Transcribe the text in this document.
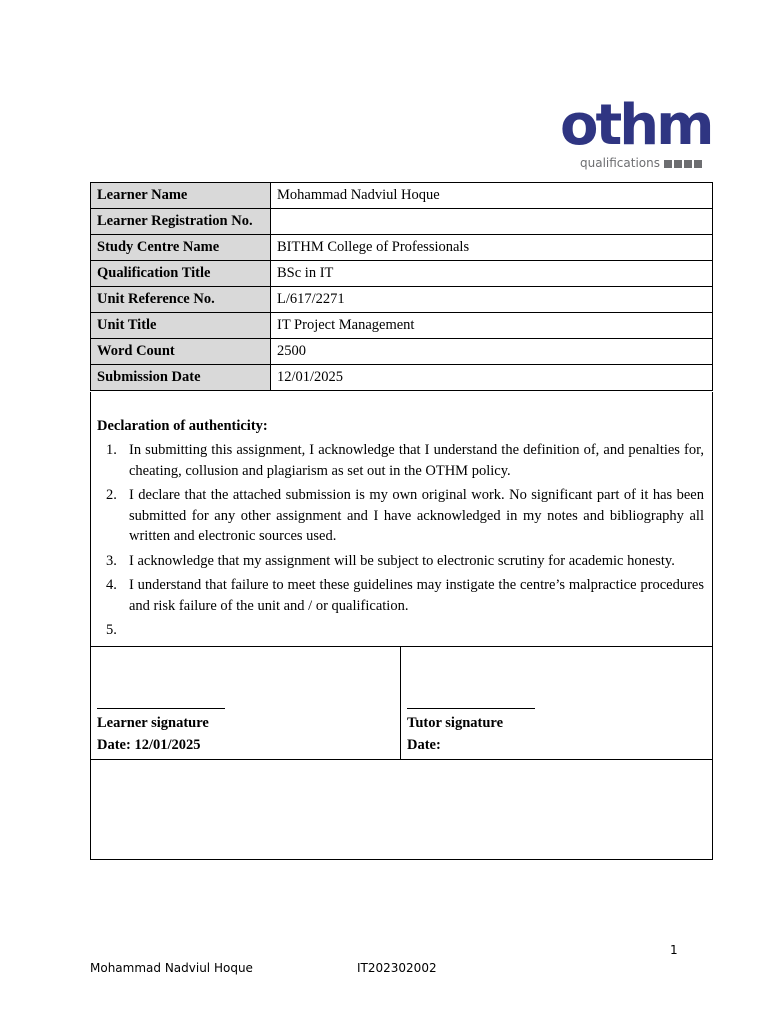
othm
qualifications
Learner Name	Mohammad Nadviul Hoque
Learner Registration No.	
Study Centre Name	BITHM College of Professionals
Qualification Title	BSc in IT
Unit Reference No.	L/617/2271
Unit Title	IT Project Management
Word Count	2500
Submission Date	12/01/2025
Declaration of authenticity:
1. In submitting this assignment, I acknowledge that I understand the definition of, and penalties for, cheating, collusion and plagiarism as set out in the OTHM policy.
2. I declare that the attached submission is my own original work. No significant part of it has been submitted for any other assignment and I have acknowledged in my notes and bibliography all written and electronic sources used.
3. I acknowledge that my assignment will be subject to electronic scrutiny for academic honesty.
4. I understand that failure to meet these guidelines may instigate the centre’s malpractice procedures and risk failure of the unit and / or qualification.
5.
Learner signature
Date: 12/01/2025
Tutor signature
Date:
1
Mohammad Nadviul Hoque	IT202302002
